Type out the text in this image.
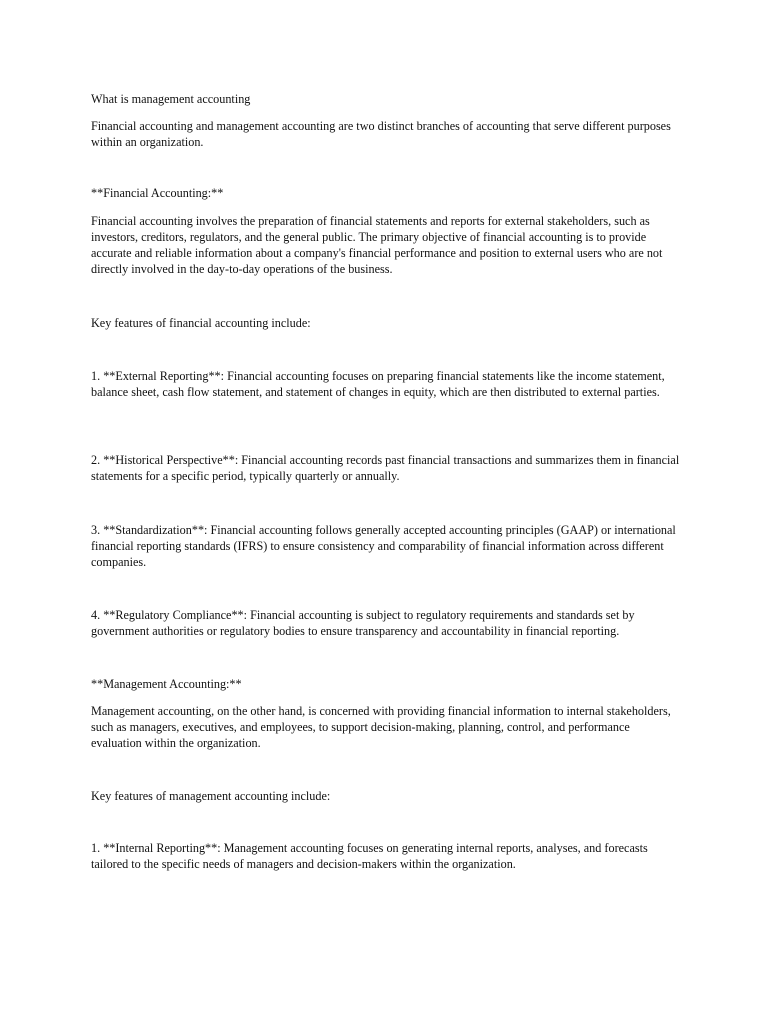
What is management accounting

Financial accounting and management accounting are two distinct branches of accounting that serve different purposes within an organization.

**Financial Accounting:**

Financial accounting involves the preparation of financial statements and reports for external stakeholders, such as investors, creditors, regulators, and the general public. The primary objective of financial accounting is to provide accurate and reliable information about a company's financial performance and position to external users who are not directly involved in the day-to-day operations of the business.

Key features of financial accounting include:

1. **External Reporting**: Financial accounting focuses on preparing financial statements like the income statement, balance sheet, cash flow statement, and statement of changes in equity, which are then distributed to external parties.

2. **Historical Perspective**: Financial accounting records past financial transactions and summarizes them in financial statements for a specific period, typically quarterly or annually.

3. **Standardization**: Financial accounting follows generally accepted accounting principles (GAAP) or international financial reporting standards (IFRS) to ensure consistency and comparability of financial information across different companies.

4. **Regulatory Compliance**: Financial accounting is subject to regulatory requirements and standards set by government authorities or regulatory bodies to ensure transparency and accountability in financial reporting.

**Management Accounting:**

Management accounting, on the other hand, is concerned with providing financial information to internal stakeholders, such as managers, executives, and employees, to support decision-making, planning, control, and performance evaluation within the organization.

Key features of management accounting include:

1. **Internal Reporting**: Management accounting focuses on generating internal reports, analyses, and forecasts tailored to the specific needs of managers and decision-makers within the organization.
